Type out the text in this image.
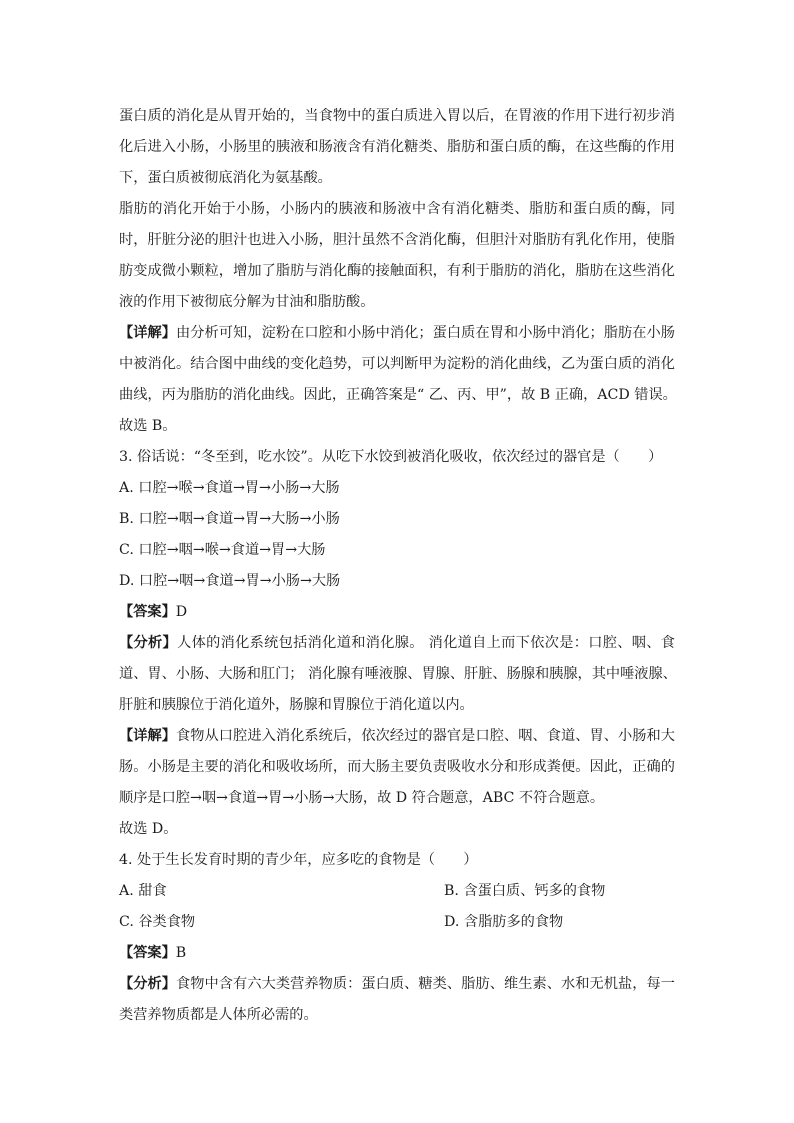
蛋白质的消化是从胃开始的，当食物中的蛋白质进入胃以后，在胃液的作用下进行初步消
化后进入小肠，小肠里的胰液和肠液含有消化糖类、脂肪和蛋白质的酶，在这些酶的作用
下，蛋白质被彻底消化为氨基酸。
脂肪的消化开始于小肠，小肠内的胰液和肠液中含有消化糖类、脂肪和蛋白质的酶，同
时，肝脏分泌的胆汁也进入小肠，胆汁虽然不含消化酶，但胆汁对脂肪有乳化作用，使脂
肪变成微小颗粒，增加了脂肪与消化酶的接触面积，有利于脂肪的消化，脂肪在这些消化
液的作用下被彻底分解为甘油和脂肪酸。
【详解】由分析可知，淀粉在口腔和小肠中消化；蛋白质在胃和小肠中消化；脂肪在小肠
中被消化。结合图中曲线的变化趋势，可以判断甲为淀粉的消化曲线，乙为蛋白质的消化
曲线，丙为脂肪的消化曲线。因此，正确答案是“ 乙、丙、甲”，故 B 正确，ACD 错误。
故选 B。
3. 俗话说：“冬至到，吃水饺”。从吃下水饺到被消化吸收，依次经过的器官是（　　）
A. 口腔→喉→食道→胃→小肠→大肠
B. 口腔→咽→食道→胃→大肠→小肠
C. 口腔→咽→喉→食道→胃→大肠
D. 口腔→咽→食道→胃→小肠→大肠
【答案】D
【分析】人体的消化系统包括消化道和消化腺。 消化道自上而下依次是：口腔、咽、食
道、胃、小肠、大肠和肛门； 消化腺有唾液腺、胃腺、肝脏、肠腺和胰腺，其中唾液腺、
肝脏和胰腺位于消化道外，肠腺和胃腺位于消化道以内。
【详解】食物从口腔进入消化系统后，依次经过的器官是口腔、咽、食道、胃、小肠和大
肠。小肠是主要的消化和吸收场所，而大肠主要负责吸收水分和形成粪便。因此，正确的
顺序是口腔→咽→食道→胃→小肠→大肠，故 D 符合题意，ABC 不符合题意。
故选 D。
4. 处于生长发育时期的青少年，应多吃的食物是（　　）
A. 甜食	B. 含蛋白质、钙多的食物
C. 谷类食物	D. 含脂肪多的食物
【答案】B
【分析】食物中含有六大类营养物质：蛋白质、糖类、脂肪、维生素、水和无机盐，每一
类营养物质都是人体所必需的。
